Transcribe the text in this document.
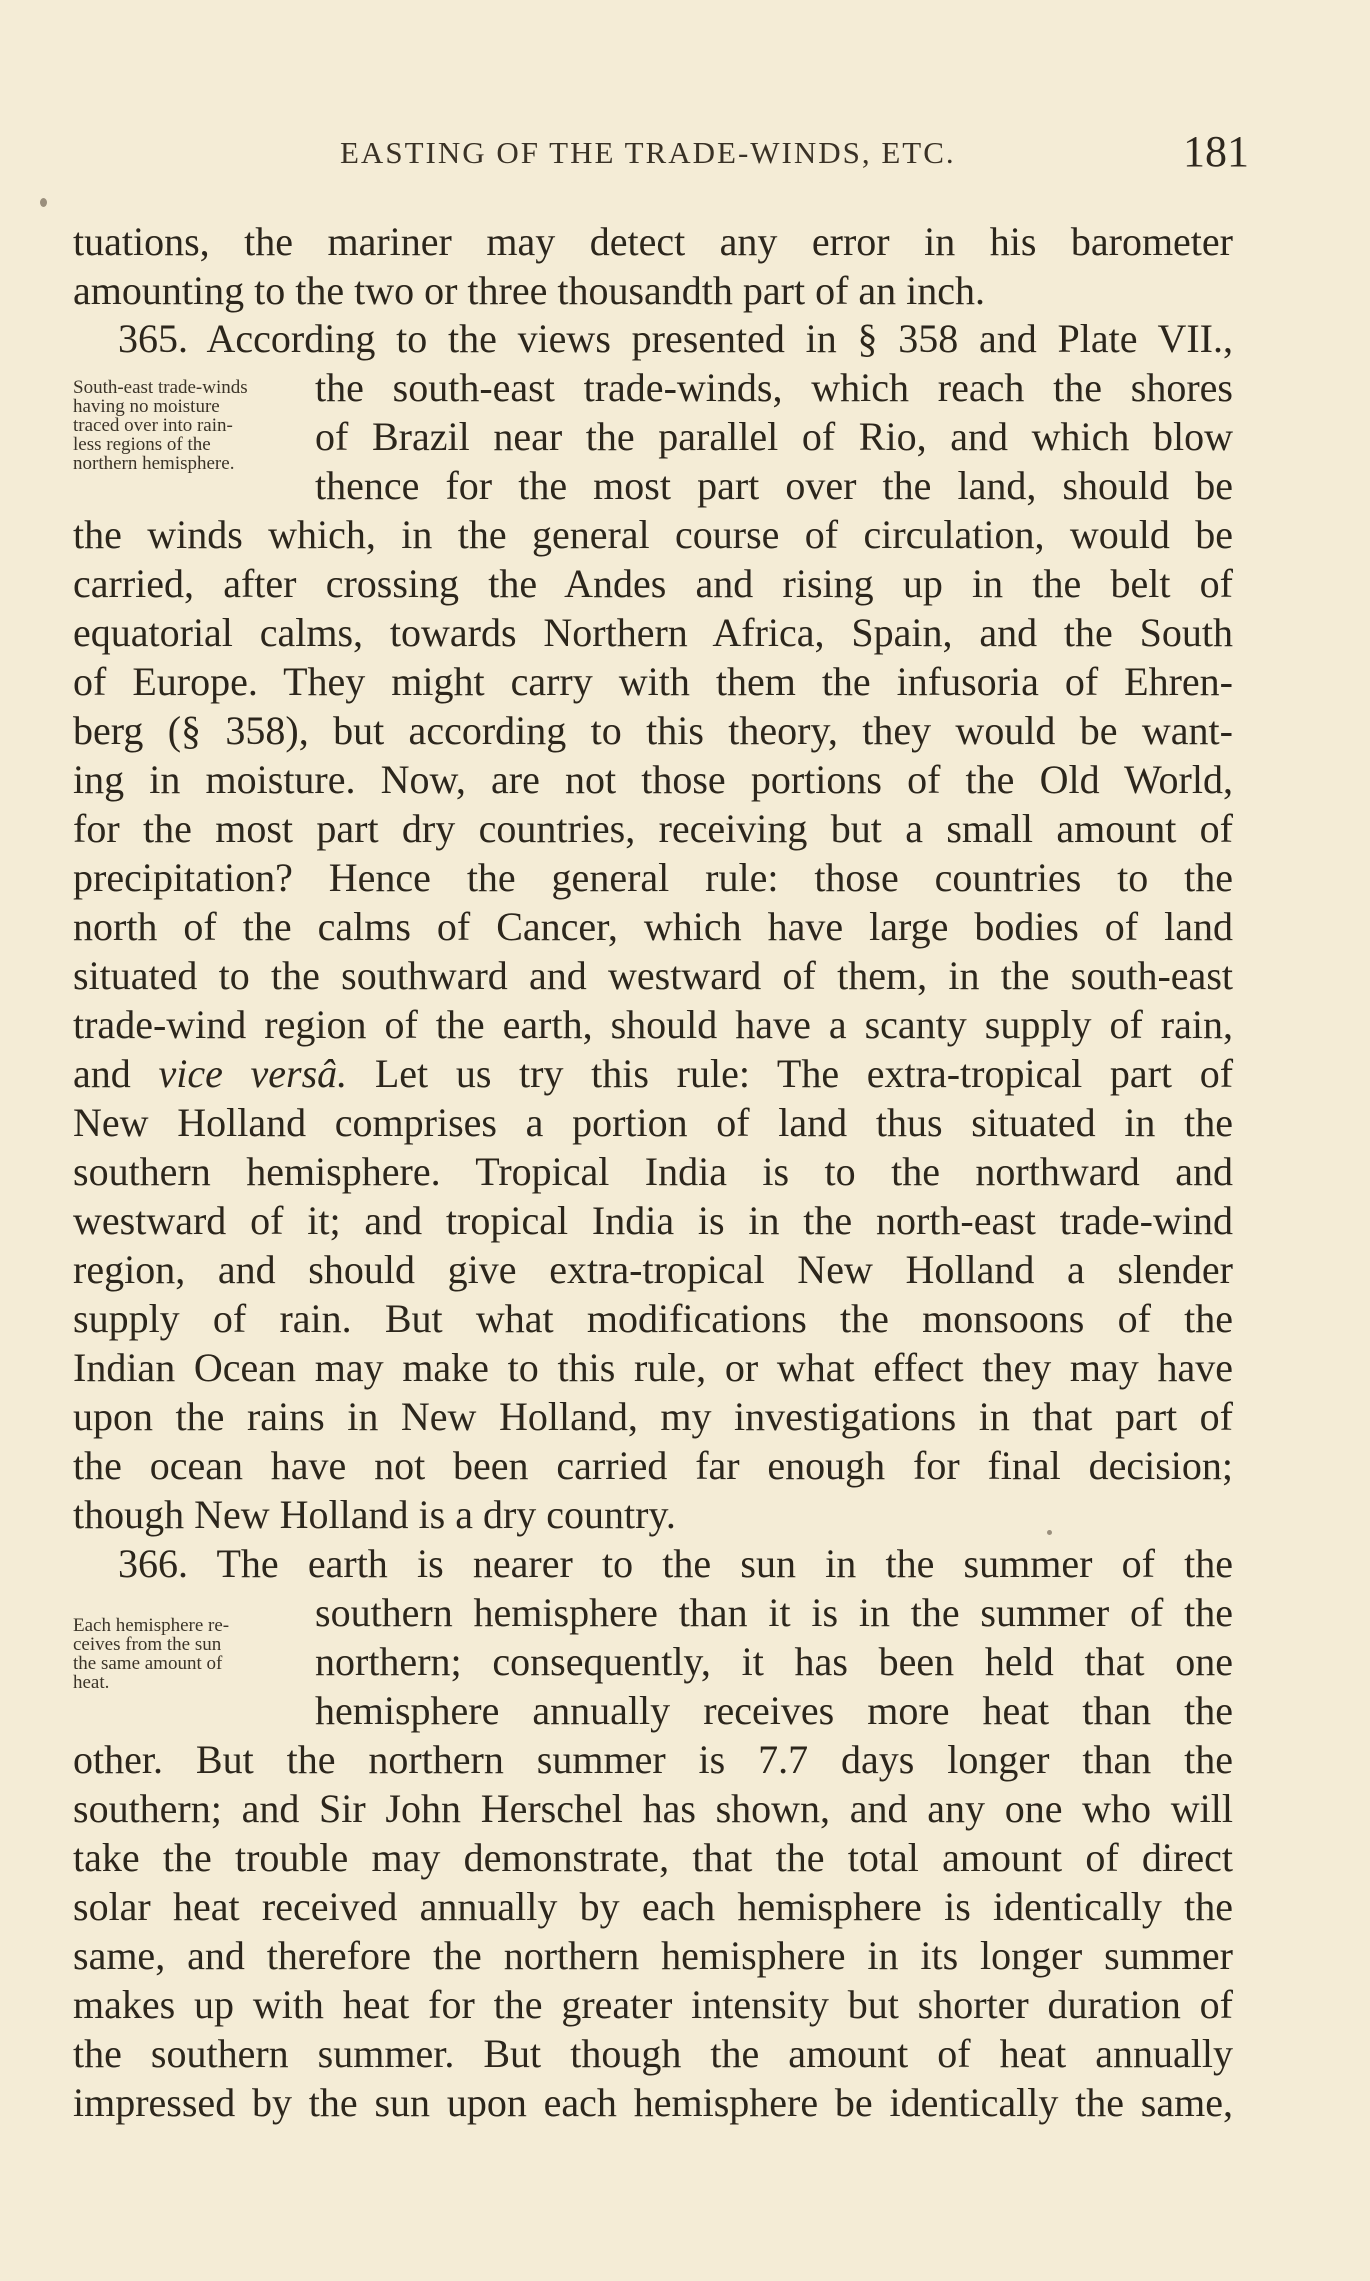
EASTING OF THE TRADE-WINDS, ETC.	181
tuations, the mariner may detect any error in his barometer
amounting to the two or three thousandth part of an inch.
365. According to the views presented in § 358 and Plate VII.,
South-east trade-winds
having no moisture
traced over into rain-
less regions of the
northern hemisphere.
the south-east trade-winds, which reach the shores
of Brazil near the parallel of Rio, and which blow
thence for the most part over the land, should be
the winds which, in the general course of circulation, would be
carried, after crossing the Andes and rising up in the belt of
equatorial calms, towards Northern Africa, Spain, and the South
of Europe. They might carry with them the infusoria of Ehren-
berg (§ 358), but according to this theory, they would be want-
ing in moisture. Now, are not those portions of the Old World,
for the most part dry countries, receiving but a small amount of
precipitation? Hence the general rule: those countries to the
north of the calms of Cancer, which have large bodies of land
situated to the southward and westward of them, in the south-east
trade-wind region of the earth, should have a scanty supply of rain,
and vice versâ. Let us try this rule: The extra-tropical part of
New Holland comprises a portion of land thus situated in the
southern hemisphere. Tropical India is to the northward and
westward of it; and tropical India is in the north-east trade-wind
region, and should give extra-tropical New Holland a slender
supply of rain. But what modifications the monsoons of the
Indian Ocean may make to this rule, or what effect they may have
upon the rains in New Holland, my investigations in that part of
the ocean have not been carried far enough for final decision;
though New Holland is a dry country.
366. The earth is nearer to the sun in the summer of the
Each hemisphere re-
ceives from the sun
the same amount of
heat.
southern hemisphere than it is in the summer of the
northern; consequently, it has been held that one
hemisphere annually receives more heat than the
other. But the northern summer is 7.7 days longer than the
southern; and Sir John Herschel has shown, and any one who will
take the trouble may demonstrate, that the total amount of direct
solar heat received annually by each hemisphere is identically the
same, and therefore the northern hemisphere in its longer summer
makes up with heat for the greater intensity but shorter duration of
the southern summer. But though the amount of heat annually
impressed by the sun upon each hemisphere be identically the same,
